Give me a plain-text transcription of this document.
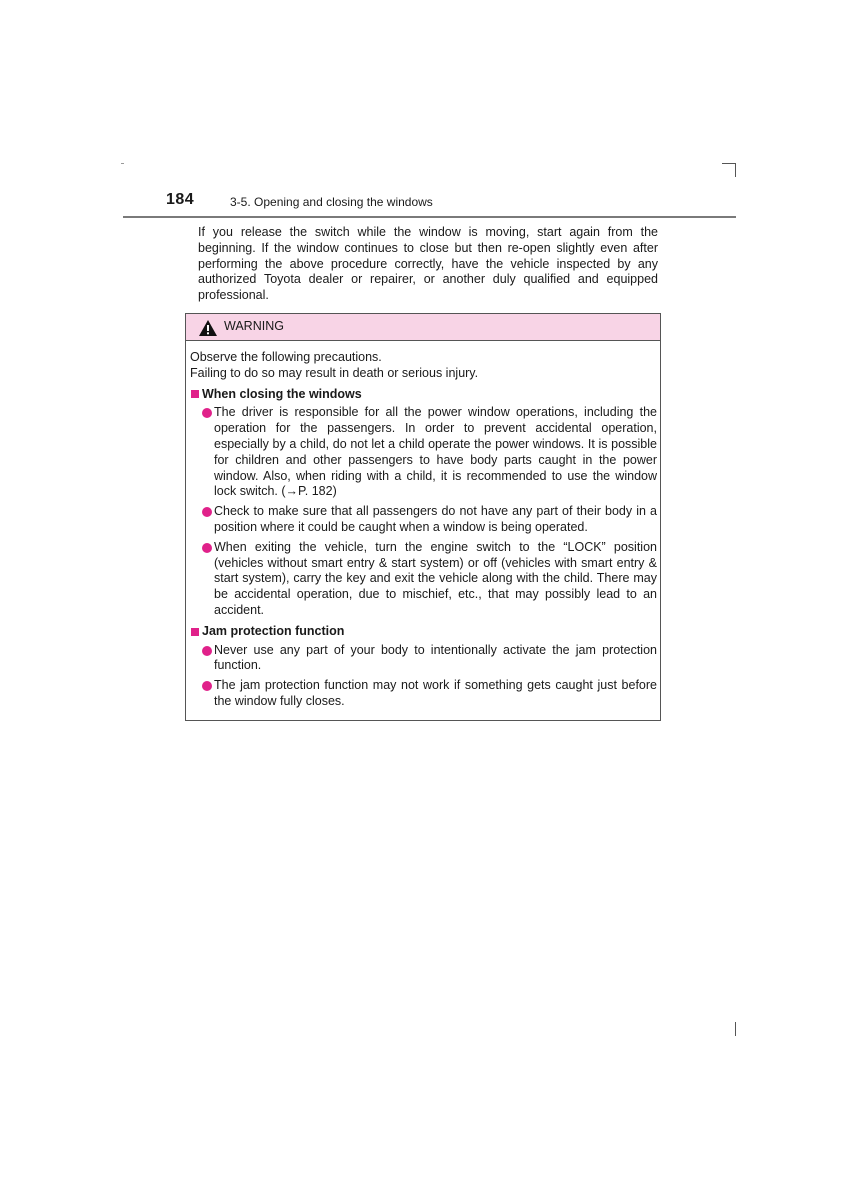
184	3-5. Opening and closing the windows

If you release the switch while the window is moving, start again from the beginning. If the window continues to close but then re-open slightly even after performing the above procedure correctly, have the vehicle inspected by any authorized Toyota dealer or repairer, or another duly qualified and equipped professional.

WARNING

Observe the following precautions.

Failing to do so may result in death or serious injury.

When closing the windows

The driver is responsible for all the power window operations, including the operation for the passengers. In order to prevent accidental operation, especially by a child, do not let a child operate the power windows. It is possible for children and other passengers to have body parts caught in the power window. Also, when riding with a child, it is recommended to use the window lock switch. (→P. 182)
Check to make sure that all passengers do not have any part of their body in a position where it could be caught when a window is being operated.
When exiting the vehicle, turn the engine switch to the “LOCK” position (vehicles without smart entry & start system) or off (vehicles with smart entry & start system), carry the key and exit the vehicle along with the child. There may be accidental operation, due to mischief, etc., that may possibly lead to an accident.

Jam protection function

Never use any part of your body to intentionally activate the jam protection function.
The jam protection function may not work if something gets caught just before the window fully closes.
